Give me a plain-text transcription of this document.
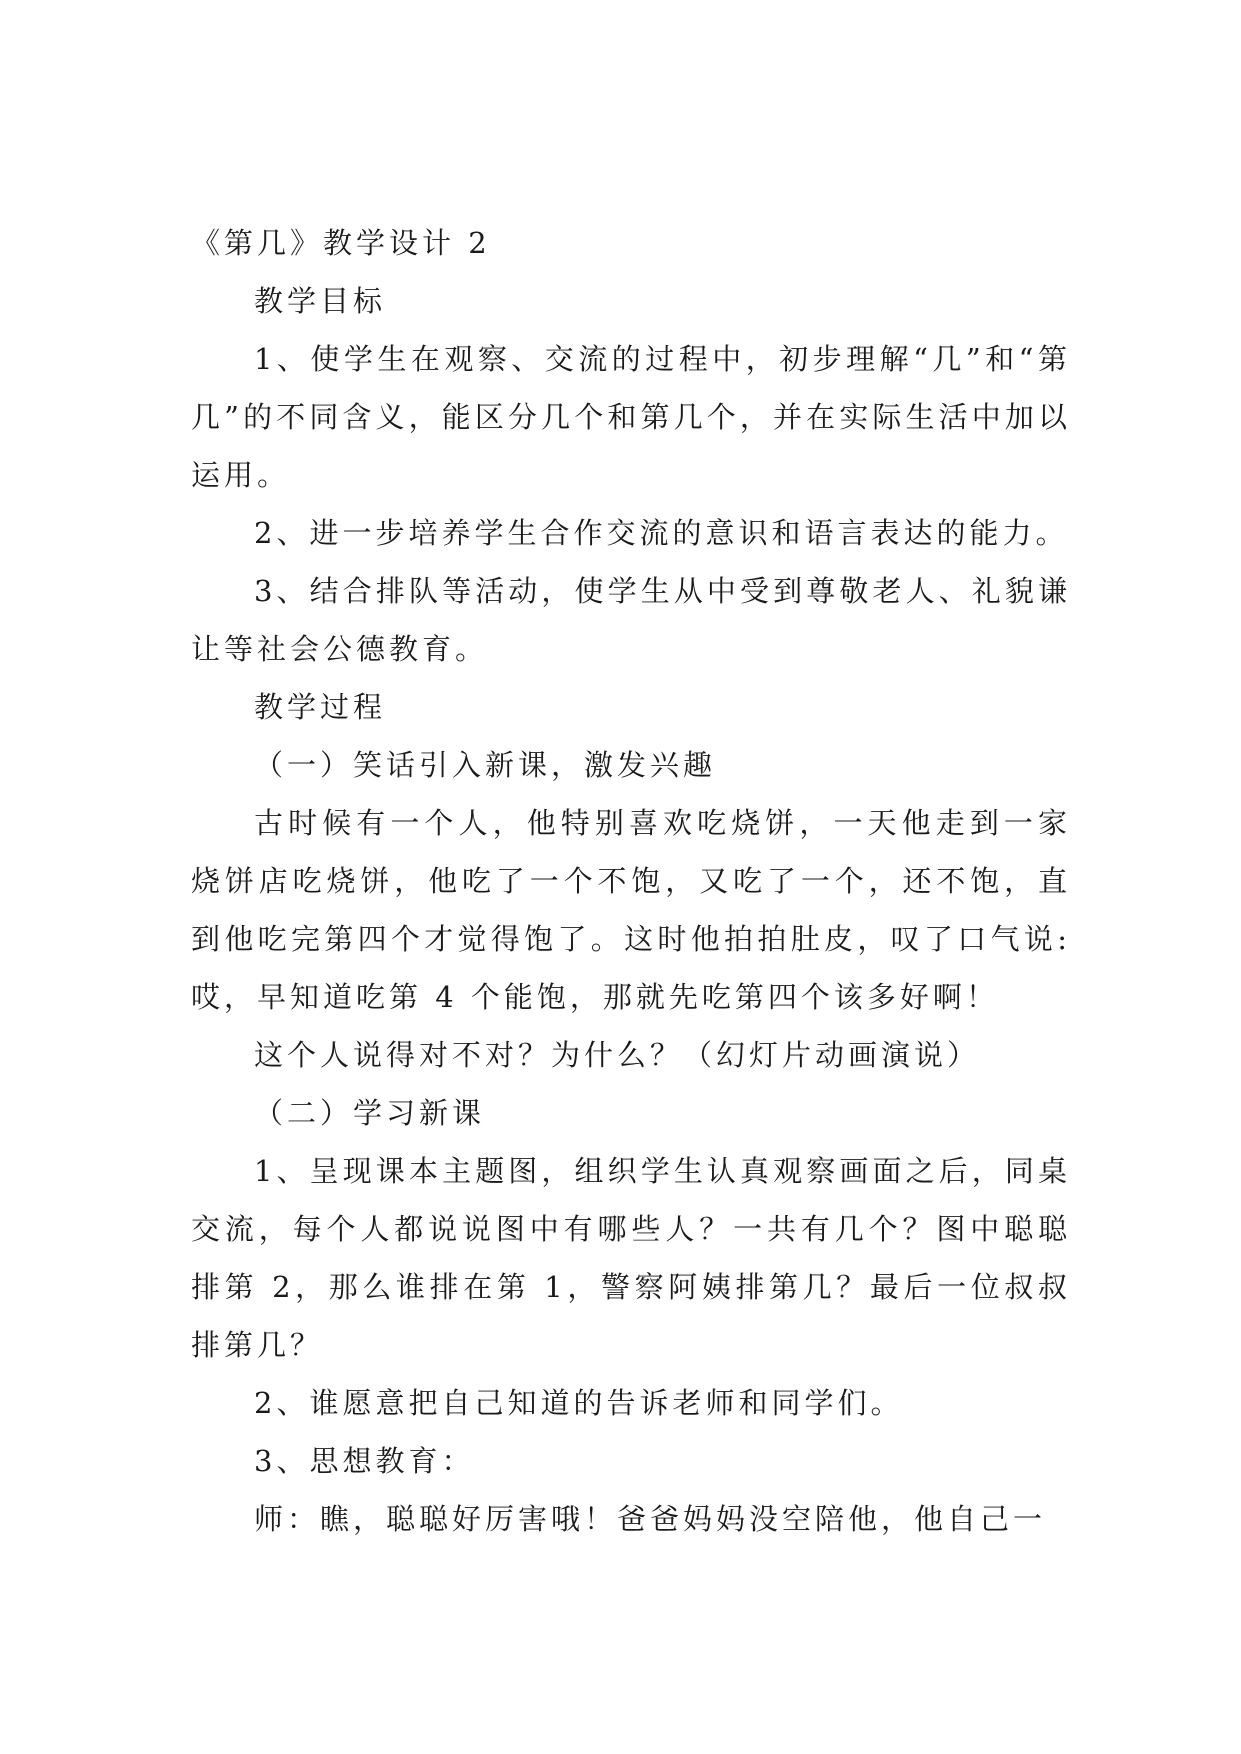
《第几》教学设计 2

教学目标

1、使学生在观察、交流的过程中，初步理解“几”和“第几”的不同含义，能区分几个和第几个，并在实际生活中加以运用。

2、进一步培养学生合作交流的意识和语言表达的能力。

3、结合排队等活动，使学生从中受到尊敬老人、礼貌谦让等社会公德教育。

教学过程

（一）笑话引入新课，激发兴趣

古时候有一个人，他特别喜欢吃烧饼，一天他走到一家烧饼店吃烧饼，他吃了一个不饱，又吃了一个，还不饱，直到他吃完第四个才觉得饱了。这时他拍拍肚皮，叹了口气说:哎，早知道吃第 4 个能饱，那就先吃第四个该多好啊！

这个人说得对不对？为什么？（幻灯片动画演说）

（二）学习新课

1、呈现课本主题图，组织学生认真观察画面之后，同桌交流，每个人都说说图中有哪些人？一共有几个？图中聪聪排第 2，那么谁排在第 1，警察阿姨排第几？最后一位叔叔排第几？

2、谁愿意把自己知道的告诉老师和同学们。

3、思想教育：

师：瞧，聪聪好厉害哦！爸爸妈妈没空陪他，他自己一
